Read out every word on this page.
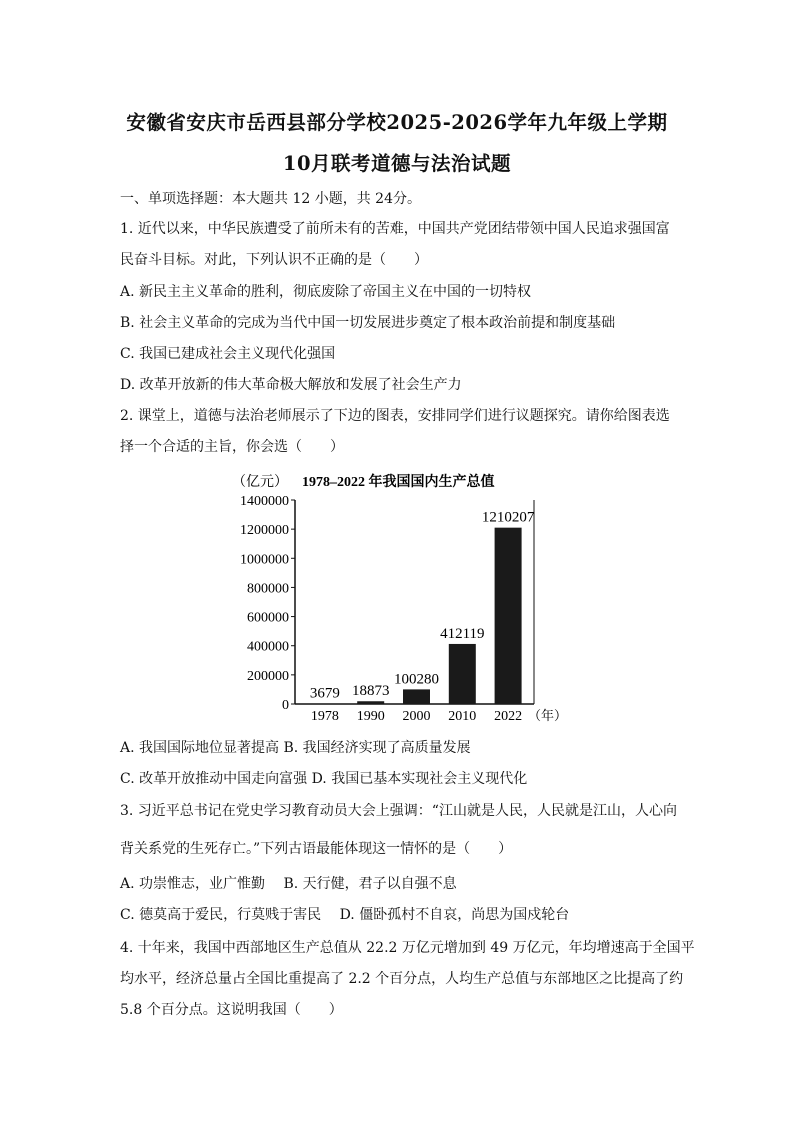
安徽省安庆市岳西县部分学校2025-2026学年九年级上学期
10月联考道德与法治试题
一、单项选择题：本大题共 12 小题，共 24分。
1. 近代以来，中华民族遭受了前所未有的苦难，中国共产党团结带领中国人民追求强国富
民奋斗目标。对此，下列认识不正确的是（　　）
A. 新民主主义革命的胜利，彻底废除了帝国主义在中国的一切特权
B. 社会主义革命的完成为当代中国一切发展进步奠定了根本政治前提和制度基础
C. 我国已建成社会主义现代化强国
D. 改革开放新的伟大革命极大解放和发展了社会生产力
2. 课堂上，道德与法治老师展示了下边的图表，安排同学们进行议题探究。请你给图表选
择一个合适的主旨，你会选（　　）
（亿元） 1978–2022 年我国国内生产总值
0
200000
400000
600000
800000
1000000
1200000
1400000
3679 18873
100280
412119
1210207
1978 1990 2000 2010 2022 （年）
A. 我国国际地位显著提高 B. 我国经济实现了高质量发展
C. 改革开放推动中国走向富强 D. 我国已基本实现社会主义现代化
3. 习近平总书记在党史学习教育动员大会上强调：“江山就是人民，人民就是江山，人心向
背关系党的生死存亡。”下列古语最能体现这一情怀的是（　　）
A. 功崇惟志，业广惟勤　 B. 天行健，君子以自强不息
C. 德莫高于爱民，行莫贱于害民　 D. 僵卧孤村不自哀，尚思为国戍轮台
4. 十年来，我国中西部地区生产总值从 22.2 万亿元增加到 49 万亿元，年均增速高于全国平
均水平，经济总量占全国比重提高了 2.2 个百分点，人均生产总值与东部地区之比提高了约
5.8 个百分点。这说明我国（　　）
